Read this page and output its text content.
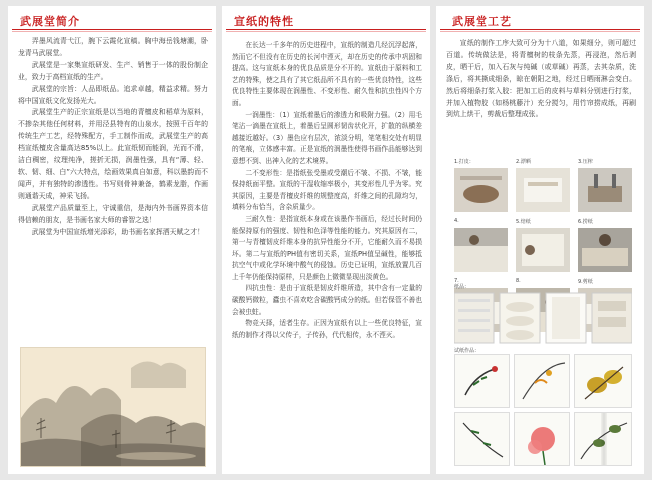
武展堂简介

弄墨风流青弋江，腕下云霞化宣稿。胸中海岳钱塘潮，卧龙青马武展堂。

武展堂是一家集宣纸研发、生产、销售于一体的股份制企业，致力于高档宣纸的生产。

武展堂的宗旨：人品即纸品。追求卓越，精益求精。努力将中国宣纸文化发扬光大。

武展堂生产的正宗宣纸是以当地的青檀皮和稻草为原料，不掺杂其他任何材料，并用泾县特有的山泉水，按照千百年的传统生产工艺，经特殊配方，手工制作而成，武展堂生产的高档宣纸檀皮含量高达85%以上。此宣纸韧而能润，光而不滑，洁白稠密，纹理纯净，搓折无损，润墨性强，具有“薄、轻、软、韧、细、白”六大特点，绘画效果真自如意，科以墨韵而不闻声，并有独特的渗透性。书写则骨神兼备，鹤素龙脂，作画则通谐天成，神采飞扬。

武展堂产品质量至上，守诚重信，是海内外书画界资本信得信赖的朋友，是书画名家大师的睿智之选！

武展堂为中国宣纸增光添彩，助书画名家挥洒天赋之才！

宣纸的特性

在长达一千多年的历史进程中，宣纸的制造几经沉浮起落，然而它不但没有在历史的长河中湮灭，却在历史的传承中巩固和提高。这与宣纸本身的优良品质是分不开的。宣纸由于原料和工艺的特殊，使之具有了其它纸品所不具有的一些优良特性，这些优良特性主要体现在润墨性、不变形性、耐久性和抗虫性四个方面。

一润墨性：（1）宣纸着墨后的渗透力和吸附力强。（2）用毛笔沾一滴墨在宣纸上，着墨后呈圆形韧齿状化开，扩散的纵横差越接近越好。（3）墨色应有层次，浓淡分明，笔笔相交处有明显的笔痕，立体感丰富。正是宣纸的润墨性使得书画作品能够达到意想不到、出神入化的艺术境界。

二不变形性：是指纸张受墨或受潮后不皱、不损、不皱，能保持纸面平整。宣纸的干湿收缩率极小，其变形性几乎为零。究其原因，主要是青檀皮纤维的规整度高，纤维之间的孔隙均匀，填料分布恰当，含杂质量少。

三耐久性：是指宣纸本身或在该墨作书画后，经过长时间仍能保持原有的强度、韧性和色泽等性能的能力。究其原因有二，第一与青檀韧皮纤维本身的抗异性能分不开，它能耐久而不易损坏。第二与宣纸的PH值有密切关系，宣纸PH值呈碱性，能够抵抗空气中或化学环境中酸气的侵蚀。历史已证明，宣纸放置几百上千年仍能保持原样，只是颜色上微微显现出淡黄色。

四抗虫性：是由于宣纸是韧皮纤维所造，其中含有一定量的碳酸钙微粒，蠹虫不喜欢吃含碳酸钙成分的纸。但若保管不善也会被虫蛀。

物竞天择，适者生存。正因为宣纸有以上一些优良特征，宣纸的制作才得以父传子，子传孙，代代相传，永不湮灭。

武展堂工艺

宣纸的制作工序大致可分为十八道，如果细分，则可超过百道。传统做法是，将青檀树的枝条先蒸，再浸泡，然后剥皮，晒干后，加入石灰与纯碱（或草碱）再蒸，去其杂质，洗涤后，将其撕成细条，晾在朝阳之地，经过日晒雨淋会变白。然后将细条打浆入胶：把加工后的皮料与草料分别进行打浆，并加入植物胶（如杨桃藤汁）充分搅匀，用竹帘捞成纸，再刷到炕上烘干，剪裁后整理成张。

1.打皮：	2.漂晒	3.压榨
4.	5.焙纸	6.捞纸
7.	8.	9.剪纸
纸品：
试纸作品：
